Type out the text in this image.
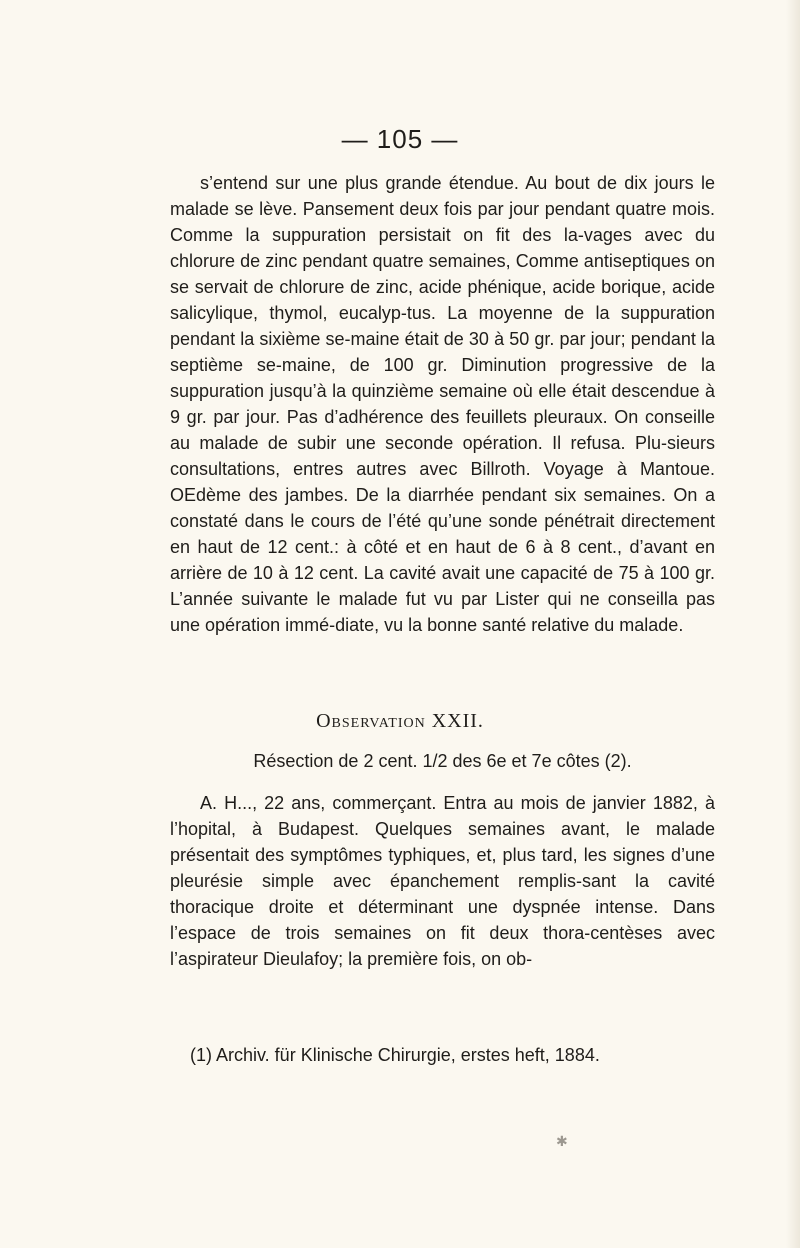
— 105 —

s’entend sur une plus grande étendue. Au bout de dix jours le malade se lève. Pansement deux fois par jour pendant quatre mois. Comme la suppuration persistait on fit des la-vages avec du chlorure de zinc pendant quatre semaines, Comme antiseptiques on se servait de chlorure de zinc, acide phénique, acide borique, acide salicylique, thymol, eucalyp-tus. La moyenne de la suppuration pendant la sixième se-maine était de 30 à 50 gr. par jour; pendant la septième se-maine, de 100 gr. Diminution progressive de la suppuration jusqu’à la quinzième semaine où elle était descendue à 9 gr. par jour. Pas d’adhérence des feuillets pleuraux. On conseille au malade de subir une seconde opération. Il refusa. Plu-sieurs consultations, entres autres avec Billroth. Voyage à Mantoue. OEdème des jambes. De la diarrhée pendant six semaines. On a constaté dans le cours de l’été qu’une sonde pénétrait directement en haut de 12 cent.: à côté et en haut de 6 à 8 cent., d’avant en arrière de 10 à 12 cent. La cavité avait une capacité de 75 à 100 gr. L’année suivante le malade fut vu par Lister qui ne conseilla pas une opération immé-diate, vu la bonne santé relative du malade.

Observation XXII.
Résection de 2 cent. 1/2 des 6e et 7e côtes (2).

A. H..., 22 ans, commerçant. Entra au mois de janvier 1882, à l’hopital, à Budapest. Quelques semaines avant, le malade présentait des symptômes typhiques, et, plus tard, les signes d’une pleurésie simple avec épanchement remplis-sant la cavité thoracique droite et déterminant une dyspnée intense. Dans l’espace de trois semaines on fit deux thora-centèses avec l’aspirateur Dieulafoy; la première fois, on ob-

(1) Archiv. für Klinische Chirurgie, erstes heft, 1884.
✱
